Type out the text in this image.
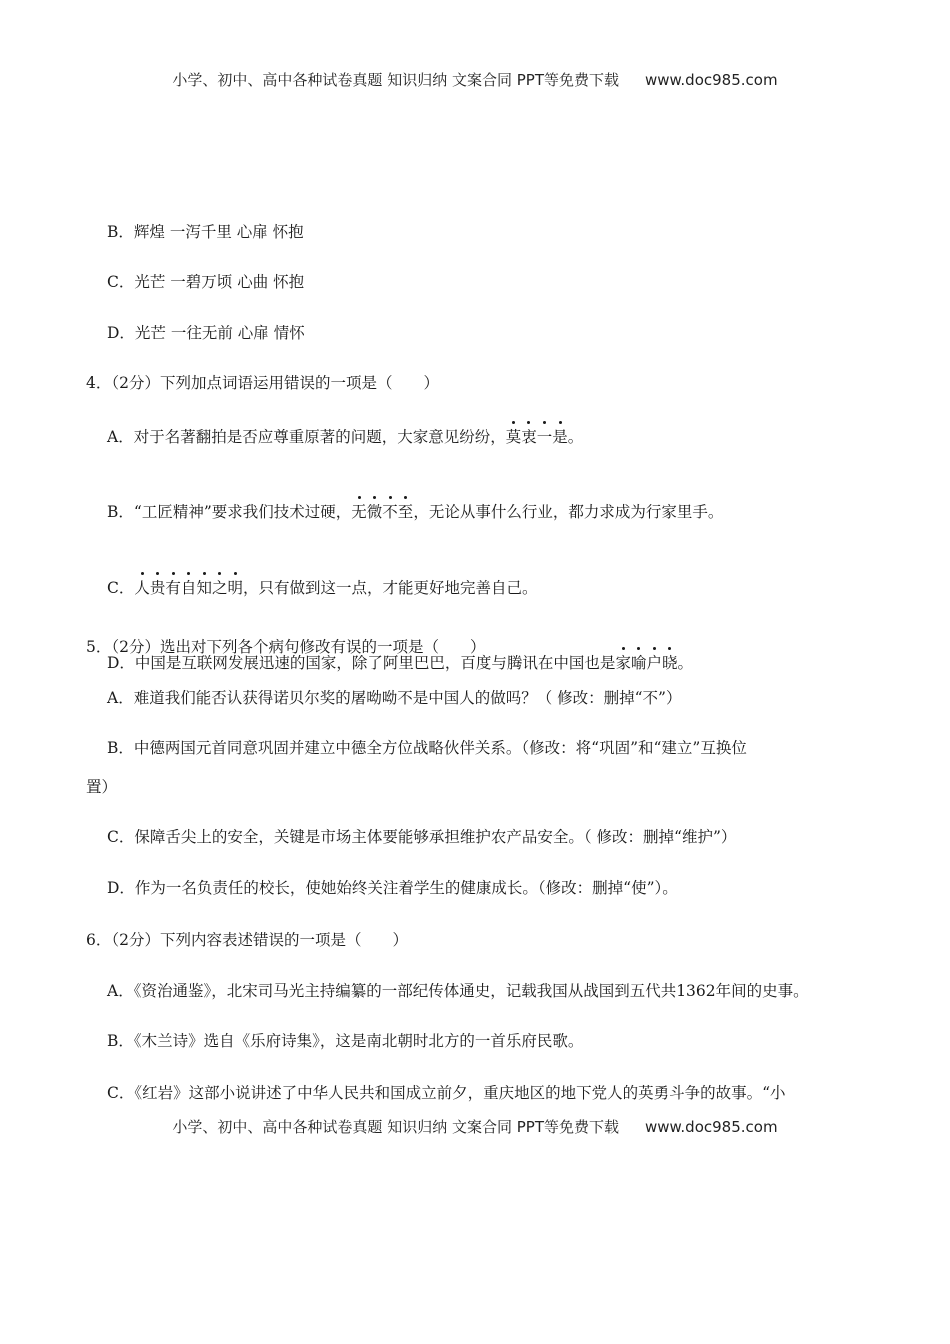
小学、初中、高中各种试卷真题 知识归纳 文案合同 PPT等免费下载 www.doc985.com
B．辉煌 一泻千里 心扉 怀抱
C．光芒 一碧万顷 心曲 怀抱
D．光芒 一往无前 心扉 情怀
4．（2分）下列加点词语运用错误的一项是（　　）
A．对于名著翻拍是否应尊重原著的问题，大家意见纷纷，莫衷一是。
B．“工匠精神”要求我们技术过硬，无微不至，无论从事什么行业，都力求成为行家里手。
C．人贵有自知之明，只有做到这一点，才能更好地完善自己。
D．中国是互联网发展迅速的国家，除了阿里巴巴，百度与腾讯在中国也是家喻户晓。
5．（2分）选出对下列各个病句修改有误的一项是（　　）
A．难道我们能否认获得诺贝尔奖的屠呦呦不是中国人的做吗？（ 修改：删掉“不”）
B．中德两国元首同意巩固并建立中德全方位战略伙伴关系。（修改：将“巩固”和“建立”互换位
置）
C．保障舌尖上的安全，关键是市场主体要能够承担维护农产品安全。（ 修改：删掉“维护”）
D．作为一名负责任的校长，使她始终关注着学生的健康成长。（修改：删掉“使”）。
6．（2分）下列内容表述错误的一项是（　　）
A．《资治通鉴》，北宋司马光主持编纂的一部纪传体通史，记载我国从战国到五代共1362年间的史事。
B．《木兰诗》选自《乐府诗集》，这是南北朝时北方的一首乐府民歌。
C．《红岩》这部小说讲述了中华人民共和国成立前夕，重庆地区的地下党人的英勇斗争的故事。“小
小学、初中、高中各种试卷真题 知识归纳 文案合同 PPT等免费下载 www.doc985.com
